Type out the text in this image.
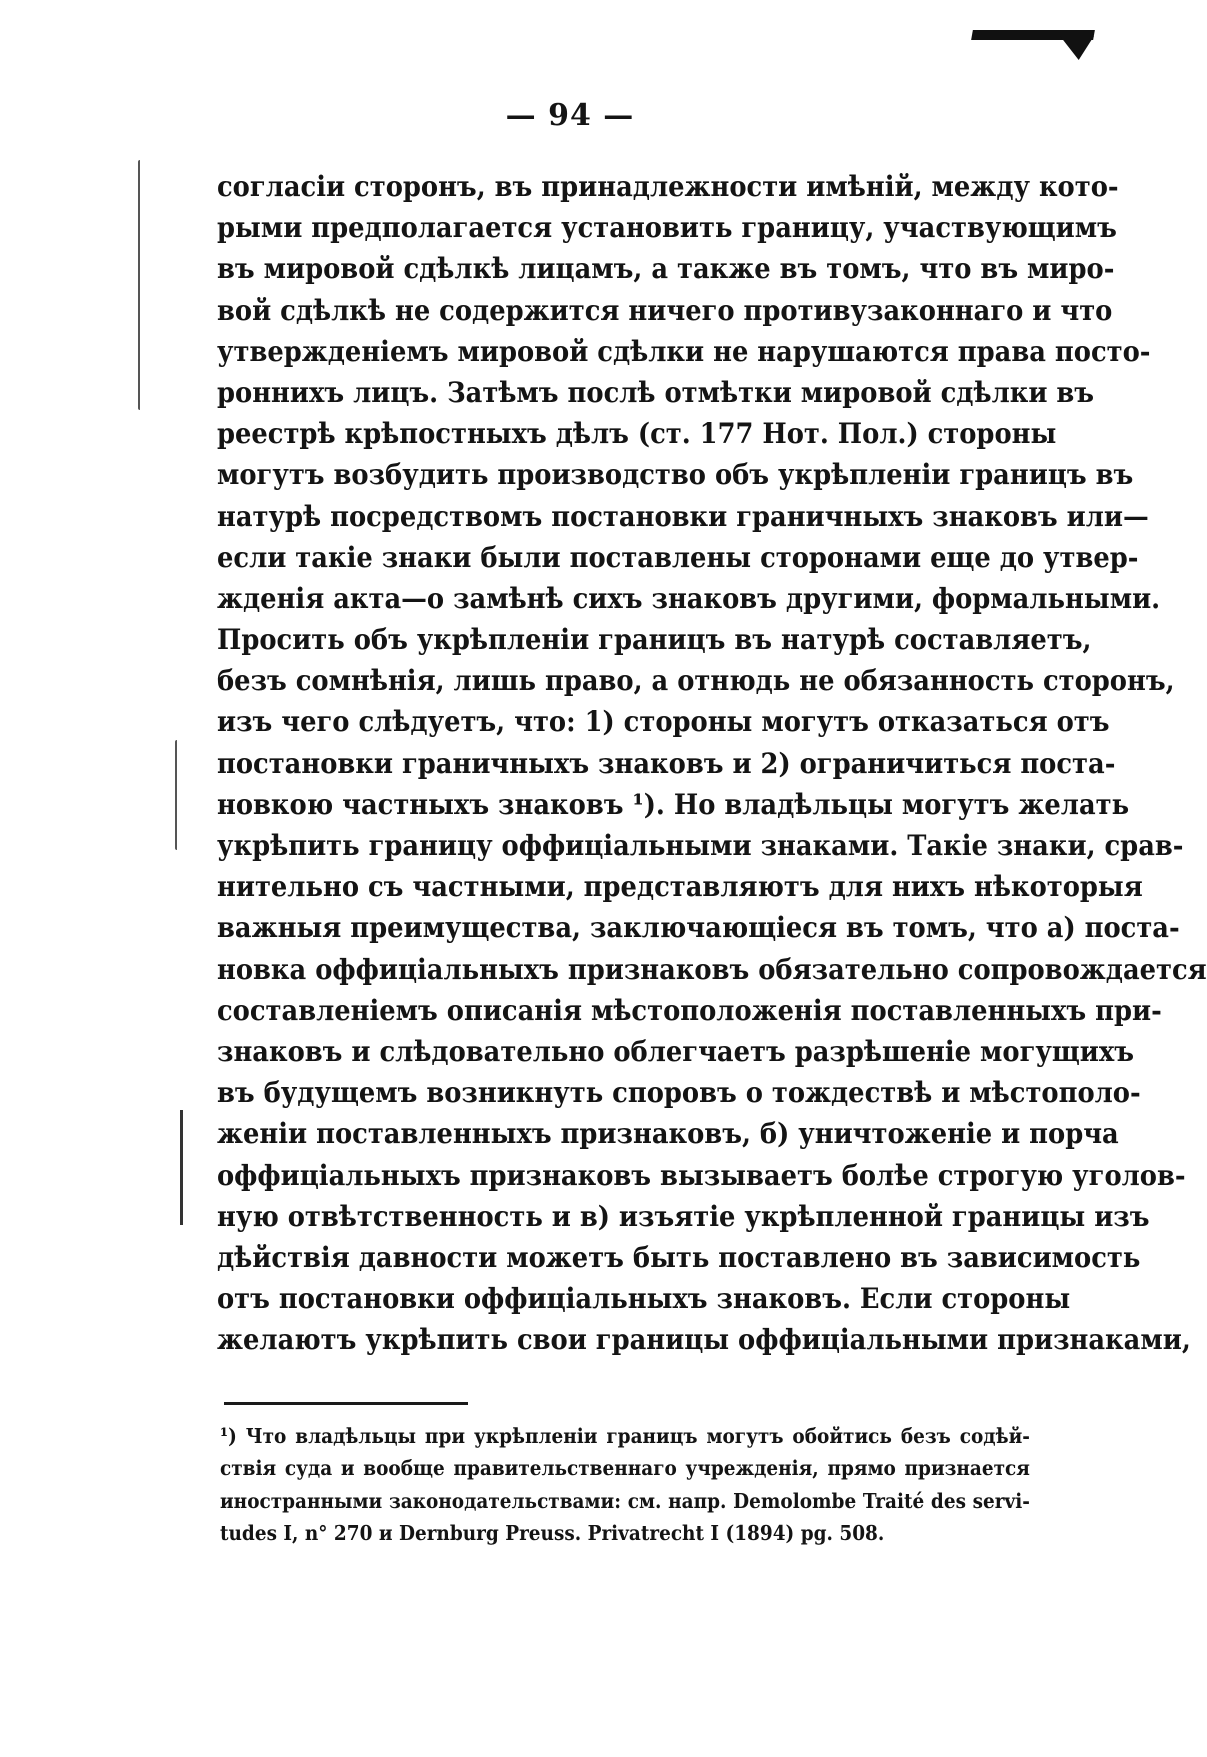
— 94 —
согласіи сторонъ, въ принадлежности имѣній, между кото-
рыми предполагается установить границу, участвующимъ
въ мировой сдѣлкѣ лицамъ, а также въ томъ, что въ миро-
вой сдѣлкѣ не содержится ничего противузаконнаго и что
утвержденіемъ мировой сдѣлки не нарушаются права посто-
роннихъ лицъ. Затѣмъ послѣ отмѣтки мировой сдѣлки въ
реестрѣ крѣпостныхъ дѣлъ (ст. 177 Нот. Пол.) стороны
могутъ возбудить производство объ укрѣпленіи границъ въ
натурѣ посредствомъ постановки граничныхъ знаковъ или—
если такіе знаки были поставлены сторонами еще до утвер-
жденія акта—о замѣнѣ сихъ знаковъ другими, формальными.
Просить объ укрѣпленіи границъ въ натурѣ составляетъ,
безъ сомнѣнія, лишь право, а отнюдь не обязанность сторонъ,
изъ чего слѣдуетъ, что: 1) стороны могутъ отказаться отъ
постановки граничныхъ знаковъ и 2) ограничиться поста-
новкою частныхъ знаковъ ¹). Но владѣльцы могутъ желать
укрѣпить границу оффиціальными знаками. Такіе знаки, срав-
нительно съ частными, представляютъ для нихъ нѣкоторыя
важныя преимущества, заключающіеся въ томъ, что а) поста-
новка оффиціальныхъ признаковъ обязательно сопровождается
составленіемъ описанія мѣстоположенія поставленныхъ при-
знаковъ и слѣдовательно облегчаетъ разрѣшеніе могущихъ
въ будущемъ возникнуть споровъ о тождествѣ и мѣстополо-
женіи поставленныхъ признаковъ, б) уничтоженіе и порча
оффиціальныхъ признаковъ вызываетъ болѣе строгую уголов-
ную отвѣтственность и в) изъятіе укрѣпленной границы изъ
дѣйствія давности можетъ быть поставлено въ зависимость
отъ постановки оффиціальныхъ знаковъ. Если стороны
желаютъ укрѣпить свои границы оффиціальными признаками,
¹) Что владѣльцы при укрѣпленіи границъ могутъ обойтись безъ содѣй-
ствія суда и вообще правительственнаго учрежденія, прямо признается
иностранными законодательствами: см. напр. Demolombe Traité des servi-
tudes I, n° 270 и Dernburg Preuss. Privatrecht I (1894) pg. 508.
